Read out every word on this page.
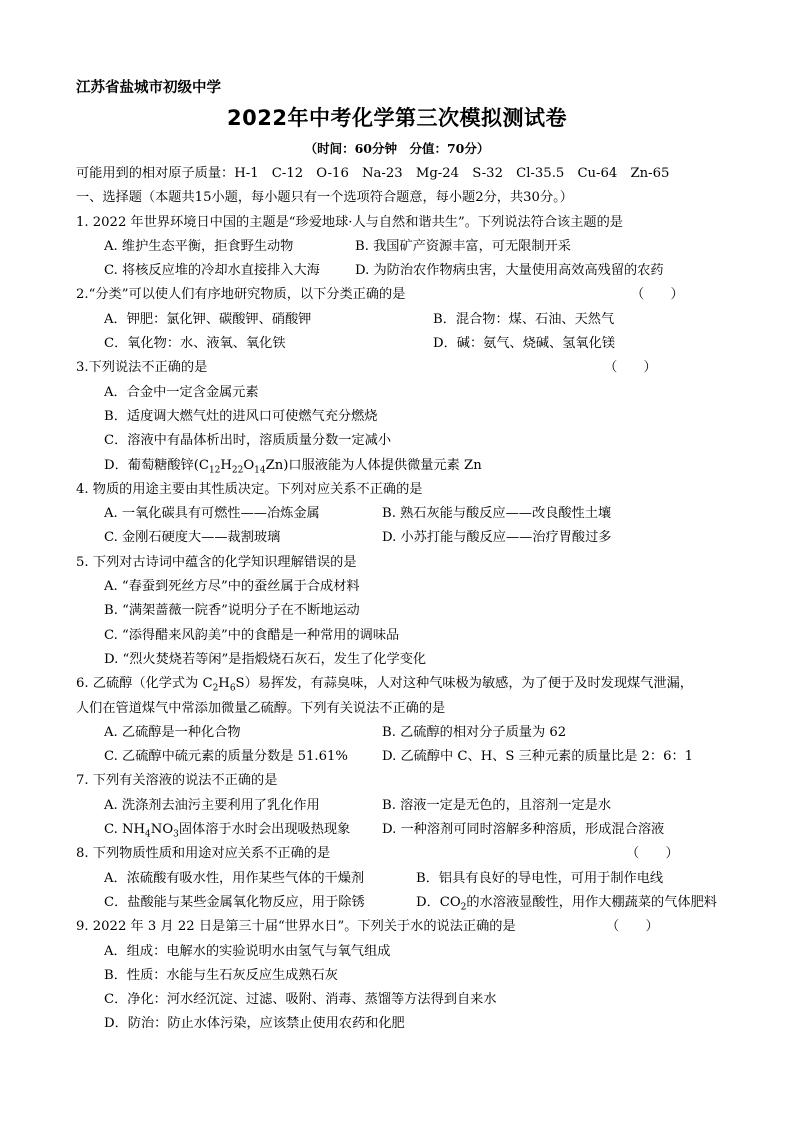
江苏省盐城市初级中学
2022年中考化学第三次模拟测试卷
（时间：60分钟　分值：70分）
可能用到的相对原子质量：H-1　C-12　O-16　Na-23　Mg-24　S-32　Cl-35.5　Cu-64　Zn-65
一、选择题（本题共15小题，每小题只有一个选项符合题意，每小题2分，共30分。）
1. 2022 年世界环境日中国的主题是“珍爱地球·人与自然和谐共生”。下列说法符合该主题的是
A. 维护生态平衡，拒食野生动物	B. 我国矿产资源丰富，可无限制开采
C. 将核反应堆的冷却水直接排入大海	D. 为防治农作物病虫害，大量使用高效高残留的农药
2.“分类”可以使人们有序地研究物质，以下分类正确的是	（　　）
A．钾肥：氯化钾、碳酸钾、硝酸钾	B．混合物：煤、石油、天然气
C．氧化物：水、液氧、氧化铁	D．碱：氨气、烧碱、氢氧化镁
3.下列说法不正确的是	（　　）
A．合金中一定含金属元素
B．适度调大燃气灶的进风口可使燃气充分燃烧
C．溶液中有晶体析出时，溶质质量分数一定减小
D．葡萄糖酸锌$(C_{12}H_{22}O_{14}Zn)$口服液能为人体提供微量元素 Zn
4. 物质的用途主要由其性质决定。下列对应关系不正确的是
A. 一氧化碳具有可燃性——冶炼金属	B. 熟石灰能与酸反应——改良酸性土壤
C. 金刚石硬度大——裁割玻璃	D. 小苏打能与酸反应——治疗胃酸过多
5. 下列对古诗词中蕴含的化学知识理解错误的是
A. “春蚕到死丝方尽”中的蚕丝属于合成材料
B. “满架蔷薇一院香”说明分子在不断地运动
C. “添得醋来风韵美”中的食醋是一种常用的调味品
D. “烈火焚烧若等闲”是指煅烧石灰石，发生了化学变化
6. 乙硫醇（化学式为 $C_2H_6S$）易挥发，有蒜臭味，人对这种气味极为敏感，为了便于及时发现煤气泄漏，
人们在管道煤气中常添加微量乙硫醇。下列有关说法不正确的是
A. 乙硫醇是一种化合物	B. 乙硫醇的相对分子质量为 62
C. 乙硫醇中硫元素的质量分数是 51.61%	D. 乙硫醇中 C、H、S 三种元素的质量比是 2：6：1
7. 下列有关溶液的说法不正确的是
A. 洗涤剂去油污主要利用了乳化作用	B. 溶液一定是无色的，且溶剂一定是水
C. $NH_4NO_3$固体溶于水时会出现吸热现象 D. 一种溶剂可同时溶解多种溶质，形成混合溶液
8. 下列物质性质和用途对应关系不正确的是	（　　）
A．浓硫酸有吸水性，用作某些气体的干燥剂	B．铝具有良好的导电性，可用于制作电线
C．盐酸能与某些金属氧化物反应，用于除锈	D．$CO_2$的水溶液显酸性，用作大棚蔬菜的气体肥料
9. 2022 年 3 月 22 日是第三十届“世界水日”。下列关于水的说法正确的是	（　　）
A．组成：电解水的实验说明水由氢气与氧气组成
B．性质：水能与生石灰反应生成熟石灰
C．净化：河水经沉淀、过滤、吸附、消毒、蒸馏等方法得到自来水
D．防治：防止水体污染，应该禁止使用农药和化肥
